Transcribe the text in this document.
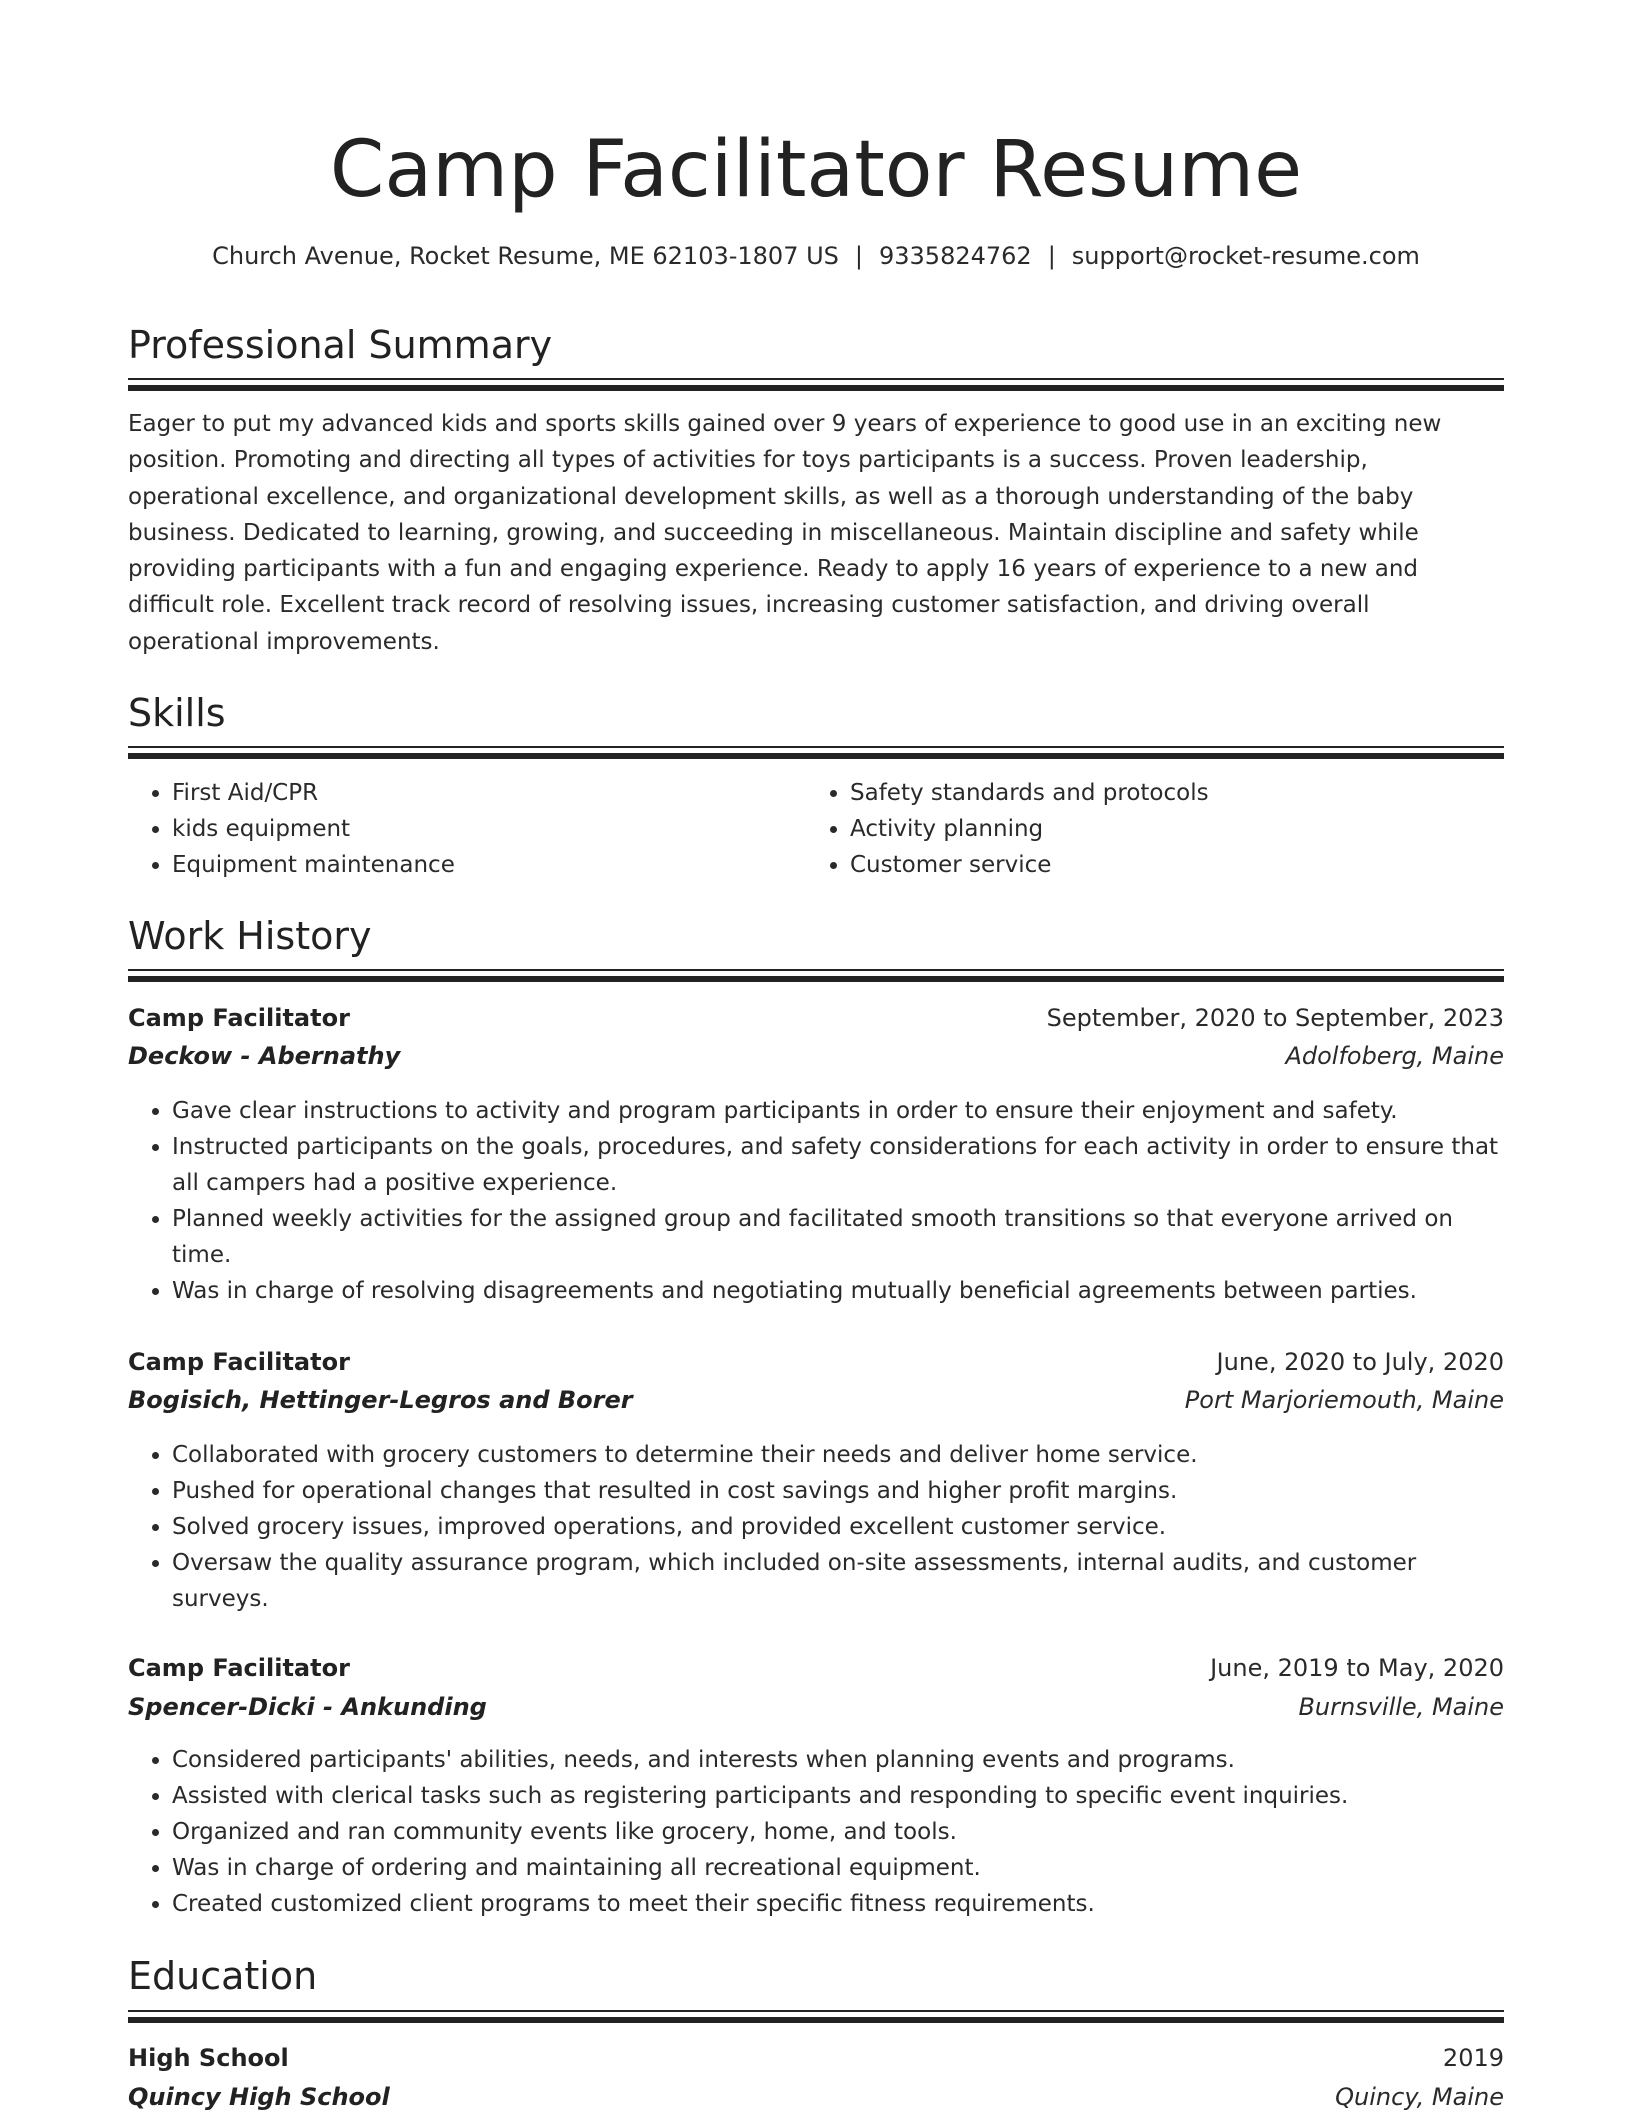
Camp Facilitator Resume
Church Avenue, Rocket Resume, ME 62103-1807 US | 9335824762 | support@rocket-resume.com
Professional Summary

Eager to put my advanced kids and sports skills gained over 9 years of experience to good use in an exciting new position. Promoting and directing all types of activities for toys participants is a success. Proven leadership, operational excellence, and organizational development skills, as well as a thorough understanding of the baby business. Dedicated to learning, growing, and succeeding in miscellaneous. Maintain discipline and safety while providing participants with a fun and engaging experience. Ready to apply 16 years of experience to a new and difficult role. Excellent track record of resolving issues, increasing customer satisfaction, and driving overall operational improvements.

Skills
• First Aid/CPR
• kids equipment
• Equipment maintenance
• Safety standards and protocols
• Activity planning
• Customer service
Work History
Camp Facilitator	September, 2020 to September, 2023
Deckow - Abernathy	Adolfoberg, Maine
• Gave clear instructions to activity and program participants in order to ensure their enjoyment and safety.
• Instructed participants on the goals, procedures, and safety considerations for each activity in order to ensure that all campers had a positive experience.
• Planned weekly activities for the assigned group and facilitated smooth transitions so that everyone arrived on time.
• Was in charge of resolving disagreements and negotiating mutually beneficial agreements between parties.
Camp Facilitator	June, 2020 to July, 2020
Bogisich, Hettinger-Legros and Borer	Port Marjoriemouth, Maine
• Collaborated with grocery customers to determine their needs and deliver home service.
• Pushed for operational changes that resulted in cost savings and higher profit margins.
• Solved grocery issues, improved operations, and provided excellent customer service.
• Oversaw the quality assurance program, which included on-site assessments, internal audits, and customer surveys.
Camp Facilitator	June, 2019 to May, 2020
Spencer-Dicki - Ankunding	Burnsville, Maine
• Considered participants' abilities, needs, and interests when planning events and programs.
• Assisted with clerical tasks such as registering participants and responding to specific event inquiries.
• Organized and ran community events like grocery, home, and tools.
• Was in charge of ordering and maintaining all recreational equipment.
• Created customized client programs to meet their specific fitness requirements.
Education
High School	2019
Quincy High School	Quincy, Maine
